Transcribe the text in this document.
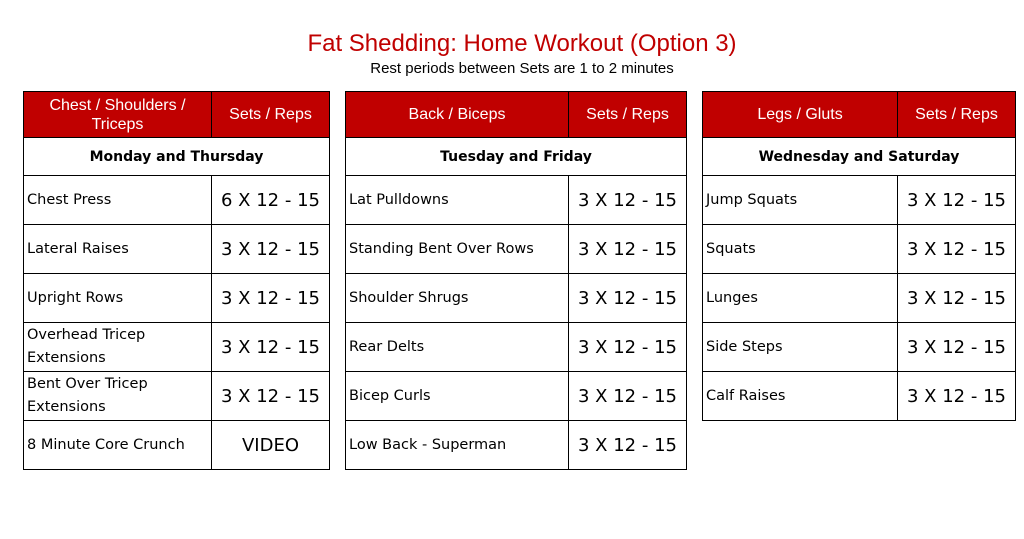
Fat Shedding: Home Workout (Option 3)
Rest periods between Sets are 1 to 2 minutes
Chest / Shoulders / Triceps	Sets / Reps
Monday and Thursday	
Chest Press	6 X 12 - 15
Lateral Raises	3 X 12 - 15
Upright Rows	3 X 12 - 15
Overhead Tricep Extensions	3 X 12 - 15
Bent Over Tricep Extensions	3 X 12 - 15
8 Minute Core Crunch	VIDEO
Back / Biceps	Sets / Reps
Tuesday and Friday	
Lat Pulldowns	3 X 12 - 15
Standing Bent Over Rows	3 X 12 - 15
Shoulder Shrugs	3 X 12 - 15
Rear Delts	3 X 12 - 15
Bicep Curls	3 X 12 - 15
Low Back - Superman	3 X 12 - 15
Legs / Gluts	Sets / Reps
Wednesday and Saturday	
Jump Squats	3 X 12 - 15
Squats	3 X 12 - 15
Lunges	3 X 12 - 15
Side Steps	3 X 12 - 15
Calf Raises	3 X 12 - 15
